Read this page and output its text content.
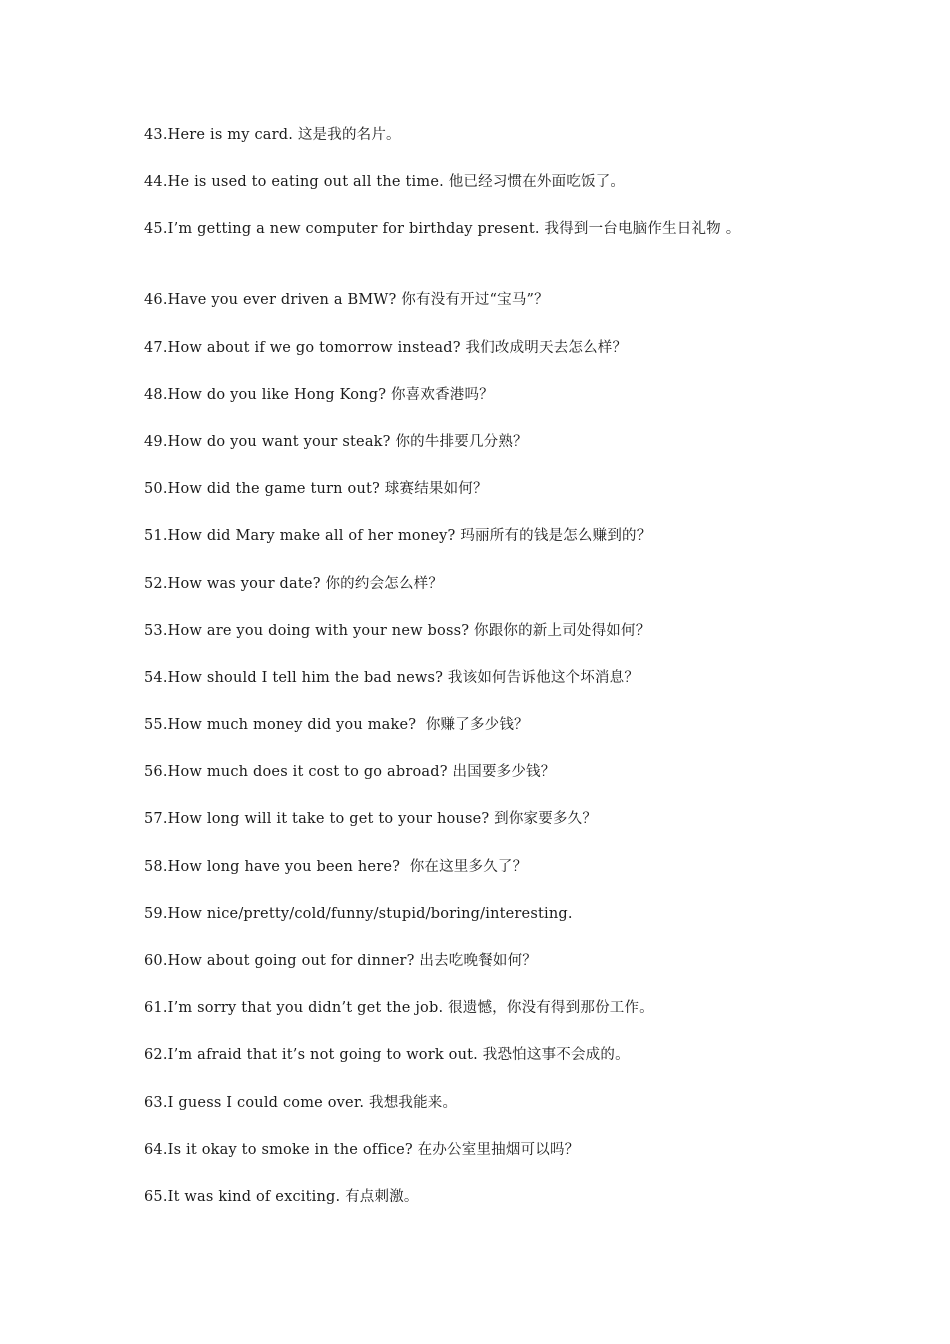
43.Here is my card. 这是我的名片。
44.He is used to eating out all the time. 他已经习惯在外面吃饭了。
45.I’m getting a new computer for birthday present. 我得到一台电脑作生日礼物 。
46.Have you ever driven a BMW? 你有没有开过“宝马”？
47.How about if we go tomorrow instead? 我们改成明天去怎么样？
48.How do you like Hong Kong? 你喜欢香港吗？
49.How do you want your steak? 你的牛排要几分熟？
50.How did the game turn out? 球赛结果如何？
51.How did Mary make all of her money? 玛丽所有的钱是怎么赚到的？
52.How was your date? 你的约会怎么样？
53.How are you doing with your new boss? 你跟你的新上司处得如何？
54.How should I tell him the bad news? 我该如何告诉他这个坏消息？
55.How much money did you make?  你赚了多少钱？
56.How much does it cost to go abroad? 出国要多少钱？
57.How long will it take to get to your house? 到你家要多久？
58.How long have you been here?  你在这里多久了？
59.How nice/pretty/cold/funny/stupid/boring/interesting.
60.How about going out for dinner? 出去吃晚餐如何？
61.I’m sorry that you didn’t get the job. 很遗憾，你没有得到那份工作。
62.I’m afraid that it’s not going to work out. 我恐怕这事不会成的。
63.I guess I could come over. 我想我能来。
64.Is it okay to smoke in the office? 在办公室里抽烟可以吗？
65.It was kind of exciting. 有点刺激。
